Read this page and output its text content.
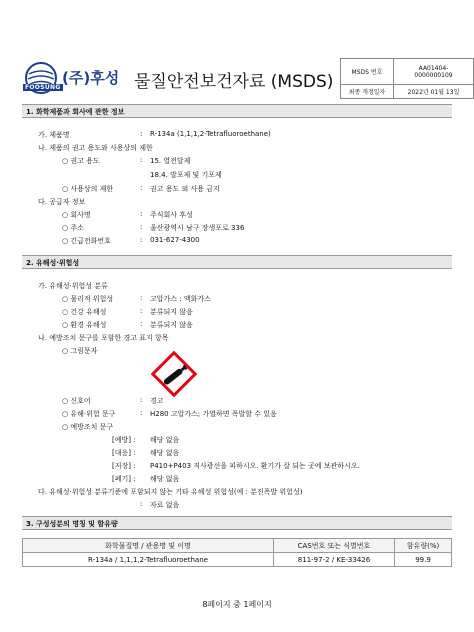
FOOSUNG
(주)후성 물질안전보건자료 (MSDS)	MSDS 번호	AA01404-
0000000109

최종 개정일자	2022년 01월 13일
1. 화학제품과 회사에 관한 정보
가. 제품명	: R-134a (1,1,1,2-Tetrafluoroethane)
나. 제품의 권고 용도와 사용상의 제한
○ 권고 용도	: 15. 열전달제
18.4. 발포제 및 기포제
○ 사용상의 제한	: 권고 용도 외 사용 금지
다. 공급자 정보
○ 회사명	: 주식회사 후성
○ 주소	: 울산광역시 남구 장생포로 336
○ 긴급전화번호	: 031-627-4300
2. 유해성·위험성
가. 유해성·위험성 분류
○ 물리적 위험성	: 고압가스 : 액화가스
○ 건강 유해성	: 분류되지 않음
○ 환경 유해성	: 분류되지 않음
나. 예방조치 문구를 포함한 경고 표지 항목
○ 그림문자
○ 신호어	: 경고
○ 유해·위험 문구	: H280 고압가스; 가열하면 폭발할 수 있음
○ 예방조치 문구
[예방] : 해당 없음
[대응] : 해당 없음
[저장] : P410+P403 직사광선을 피하시오. 환기가 잘 되는 곳에 보관하시오.
[폐기] : 해당 없음
다. 유해성·위험성 분류기준에 포함되지 않는 기타 유해성 위험성(예 : 분진폭발 위험성)
: 자료 없음
3. 구성성분의 명칭 및 함유량
화학물질명 / 관용명 및 이명	CAS번호 또는 식별번호	함유량(%)
R-134a / 1,1,1,2-Tetrafluoroethane	811-97-2 / KE-33426	99.9
8페이지 중 1페이지
